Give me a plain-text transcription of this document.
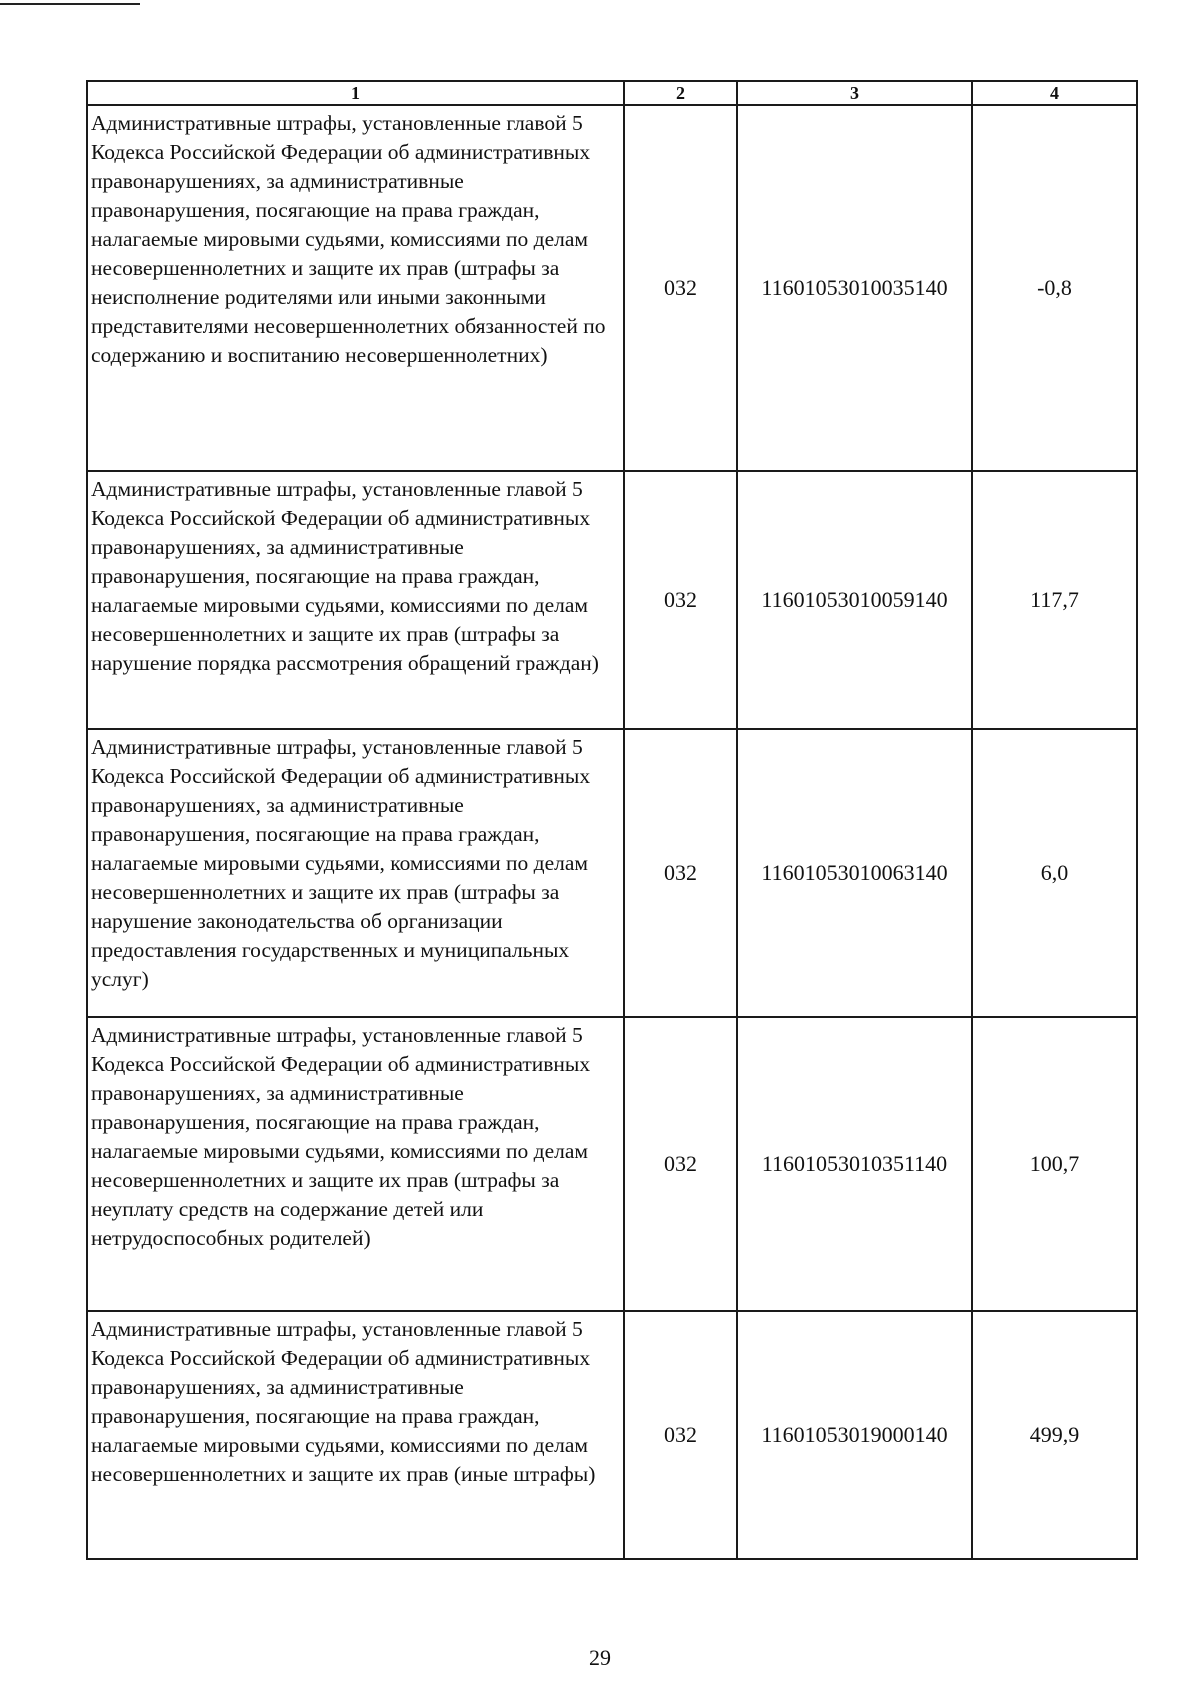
1	2	3	4
Административные штрафы, установленные главой 5 Кодекса Российской Федерации об административных правонарушениях, за административные правонарушения, посягающие на права граждан, налагаемые мировыми судьями, комиссиями по делам несовершеннолетних и защите их прав (штрафы за неисполнение родителями или иными законными представителями несовершеннолетних обязанностей по содержанию и воспитанию несовершеннолетних)	032	11601053010035140	-0,8
Административные штрафы, установленные главой 5 Кодекса Российской Федерации об административных правонарушениях, за административные правонарушения, посягающие на права граждан, налагаемые мировыми судьями, комиссиями по делам несовершеннолетних и защите их прав (штрафы за нарушение порядка рассмотрения обращений граждан)	032	11601053010059140	117,7
Административные штрафы, установленные главой 5 Кодекса Российской Федерации об административных правонарушениях, за административные правонарушения, посягающие на права граждан, налагаемые мировыми судьями, комиссиями по делам несовершеннолетних и защите их прав (штрафы за нарушение законодательства об организации предоставления государственных и муниципальных услуг)	032	11601053010063140	6,0
Административные штрафы, установленные главой 5 Кодекса Российской Федерации об административных правонарушениях, за административные правонарушения, посягающие на права граждан, налагаемые мировыми судьями, комиссиями по делам несовершеннолетних и защите их прав (штрафы за неуплату средств на содержание детей или нетрудоспособных родителей)	032	11601053010351140	100,7
Административные штрафы, установленные главой 5 Кодекса Российской Федерации об административных правонарушениях, за административные правонарушения, посягающие на права граждан, налагаемые мировыми судьями, комиссиями по делам несовершеннолетних и защите их прав (иные штрафы)	032	11601053019000140	499,9
29
